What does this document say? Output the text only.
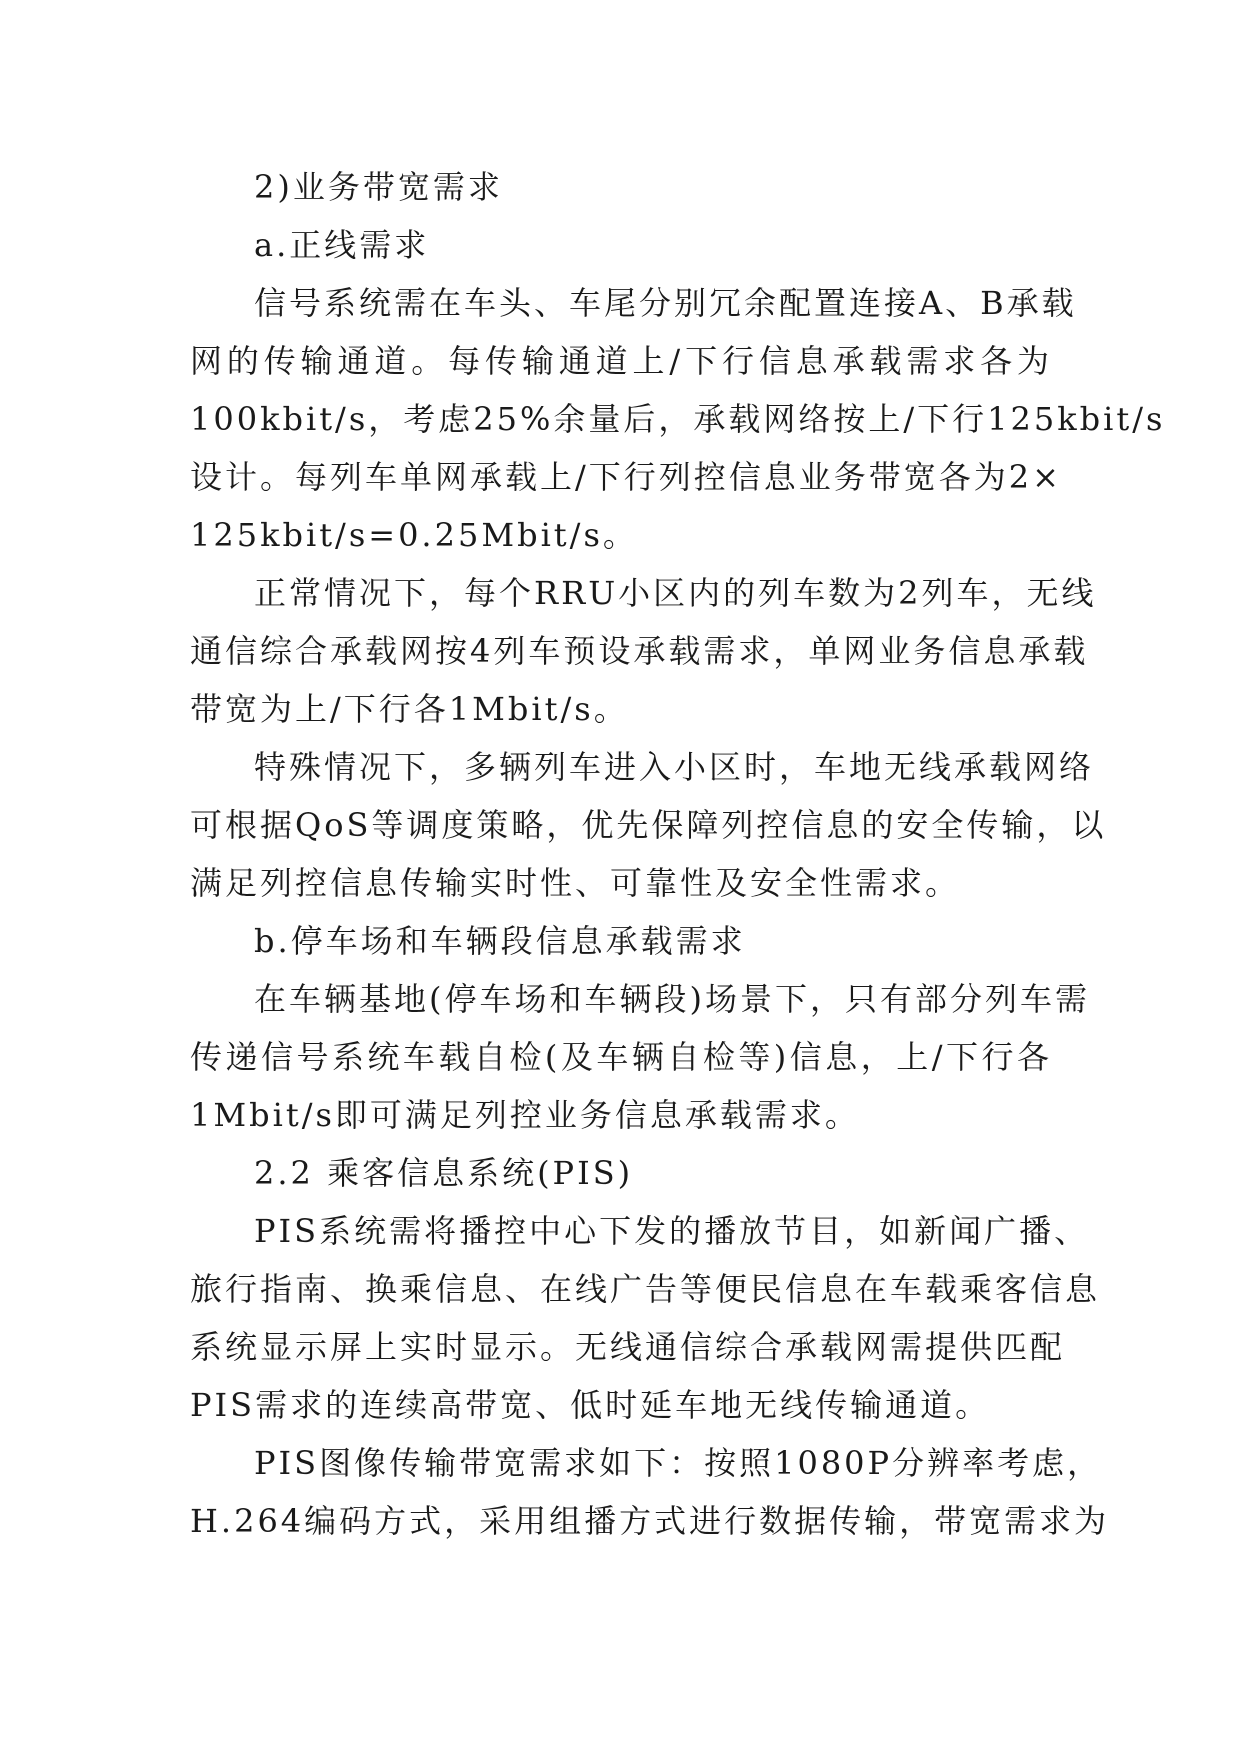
2)业务带宽需求
a.正线需求
信号系统需在车头、车尾分别冗余配置连接A、B承载
网的传输通道。每传输通道上/下行信息承载需求各为
100kbit/s，考虑25%余量后，承载网络按上/下行125kbit/s
设计。每列车单网承载上/下行列控信息业务带宽各为2×
125kbit/s=0.25Mbit/s。
正常情况下，每个RRU小区内的列车数为2列车，无线
通信综合承载网按4列车预设承载需求，单网业务信息承载
带宽为上/下行各1Mbit/s。
特殊情况下，多辆列车进入小区时，车地无线承载网络
可根据QoS等调度策略，优先保障列控信息的安全传输，以
满足列控信息传输实时性、可靠性及安全性需求。
b.停车场和车辆段信息承载需求
在车辆基地(停车场和车辆段)场景下，只有部分列车需
传递信号系统车载自检(及车辆自检等)信息，上/下行各
1Mbit/s即可满足列控业务信息承载需求。
2.2 乘客信息系统(PIS)
PIS系统需将播控中心下发的播放节目，如新闻广播、
旅行指南、换乘信息、在线广告等便民信息在车载乘客信息
系统显示屏上实时显示。无线通信综合承载网需提供匹配
PIS需求的连续高带宽、低时延车地无线传输通道。
PIS图像传输带宽需求如下：按照1080P分辨率考虑，
H.264编码方式，采用组播方式进行数据传输，带宽需求为
